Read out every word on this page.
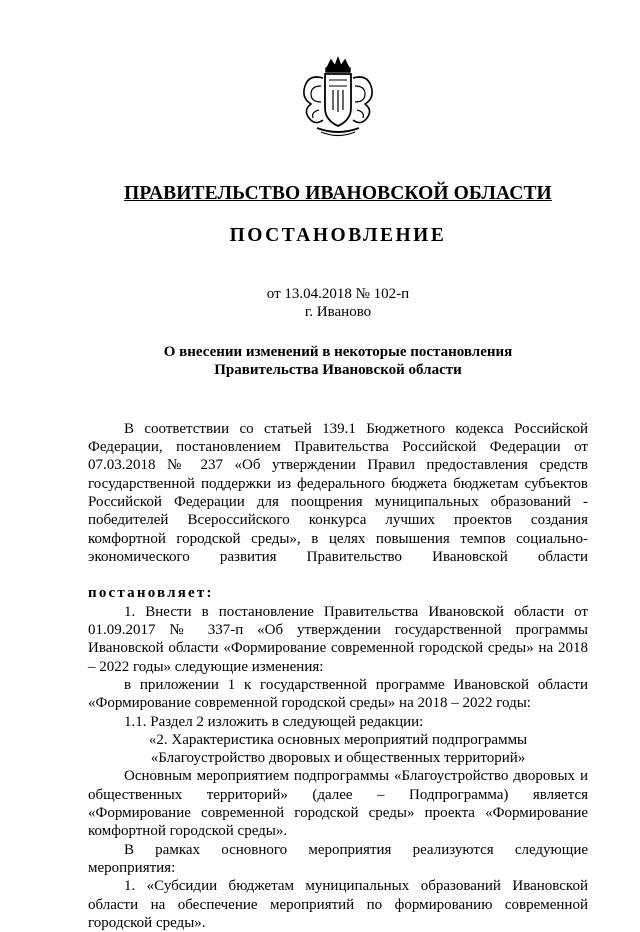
ПРАВИТЕЛЬСТВО ИВАНОВСКОЙ ОБЛАСТИ
ПОСТАНОВЛЕНИЕ
от 13.04.2018 № 102-п
г. Иваново
О внесении изменений в некоторые постановления
Правительства Ивановской области

В соответствии со статьей 139.1 Бюджетного кодекса Российской Федерации, постановлением Правительства Российской Федерации от 07.03.2018 № 237 «Об утверждении Правил предоставления средств государственной поддержки из федерального бюджета бюджетам субъектов Российской Федерации для поощрения муниципальных образований - победителей Всероссийского конкурса лучших проектов создания комфортной городской среды», в целях повышения темпов социально-экономического развития Правительство Ивановской области

постановляет:

1. Внести в постановление Правительства Ивановской области от 01.09.2017 № 337-п «Об утверждении государственной программы Ивановской области «Формирование современной городской среды» на 2018 – 2022 годы» следующие изменения:

в приложении 1 к государственной программе Ивановской области «Формирование современной городской среды» на 2018 – 2022 годы:

1.1. Раздел 2 изложить в следующей редакции:

«2. Характеристика основных мероприятий подпрограммы

«Благоустройство дворовых и общественных территорий»

Основным мероприятием подпрограммы «Благоустройство дворовых и общественных территорий» (далее – Подпрограмма) является «Формирование современной городской среды» проекта «Формирование комфортной городской среды».

В рамках основного мероприятия реализуются следующие мероприятия:

1. «Субсидии бюджетам муниципальных образований Ивановской области на обеспечение мероприятий по формированию современной городской среды».
